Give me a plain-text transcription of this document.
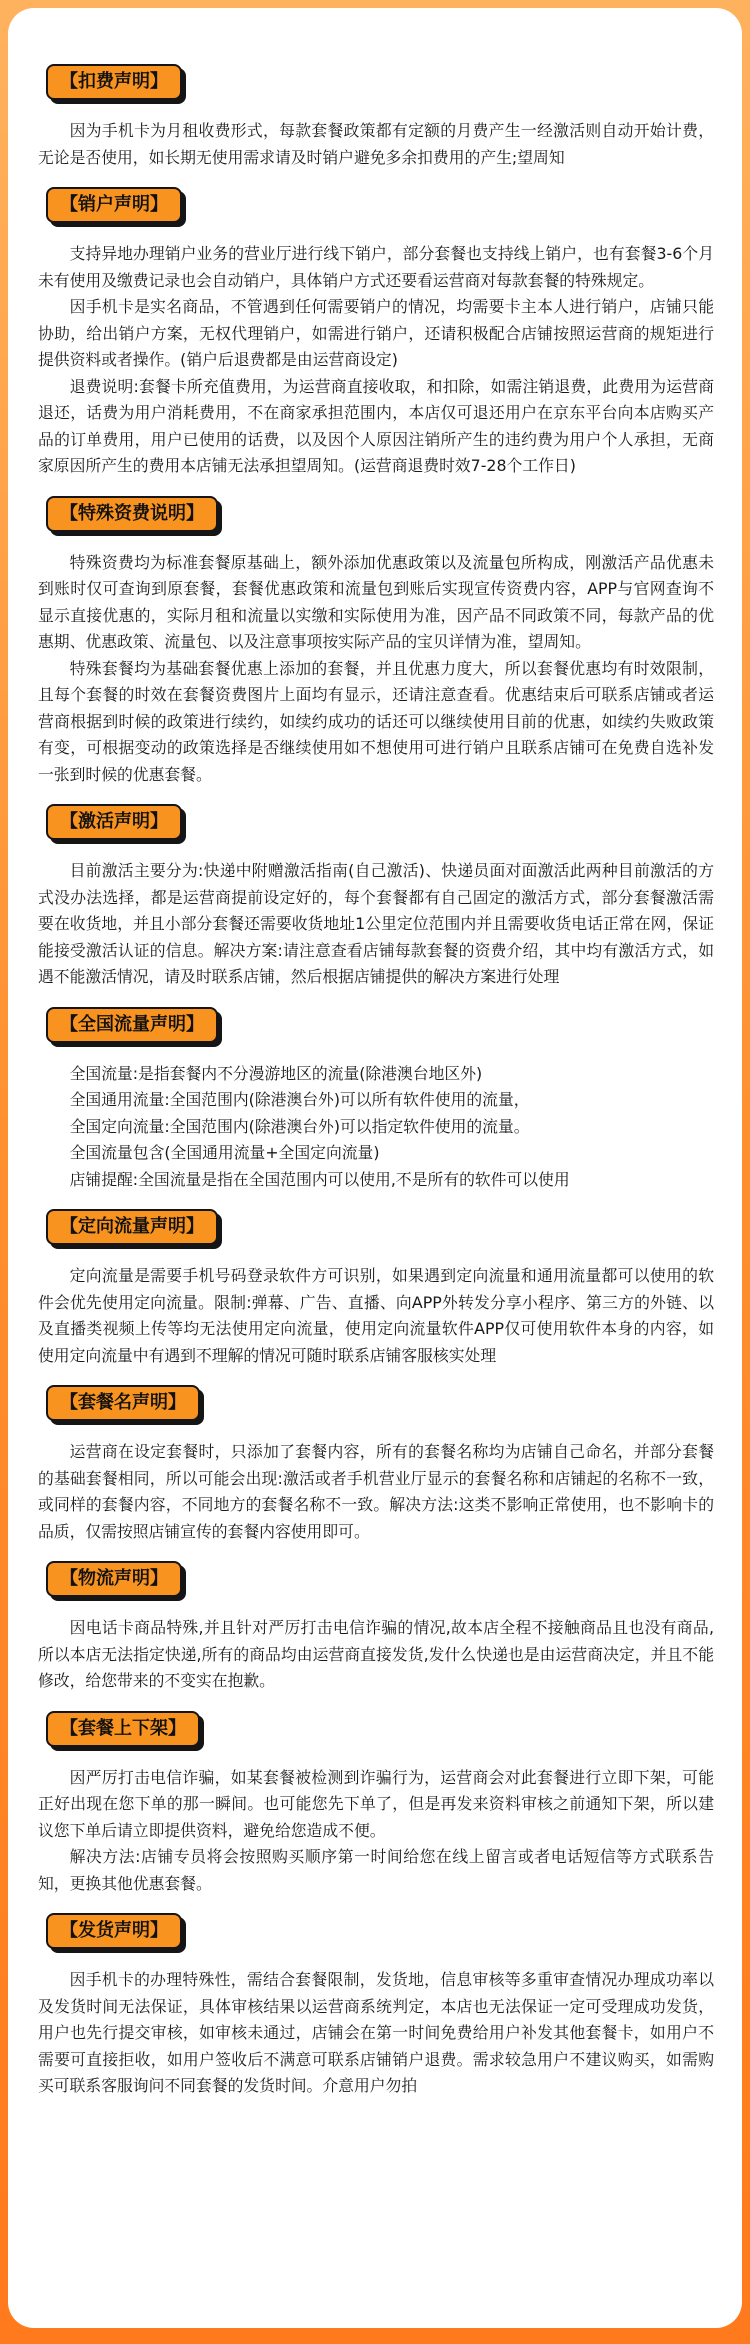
【扣费声明】

因为手机卡为月租收费形式，每款套餐政策都有定额的月费产生一经激活则自动开始计费，无论是否使用，如长期无使用需求请及时销户避免多余扣费用的产生;望周知

【销户声明】

支持异地办理销户业务的营业厅进行线下销户，部分套餐也支持线上销户，也有套餐3-6个月未有使用及缴费记录也会自动销户，具体销户方式还要看运营商对每款套餐的特殊规定。

因手机卡是实名商品，不管遇到任何需要销户的情况，均需要卡主本人进行销户，店铺只能协助，给出销户方案，无权代理销户，如需进行销户，还请积极配合店铺按照运营商的规矩进行提供资料或者操作。(销户后退费都是由运营商设定)

退费说明:套餐卡所充值费用，为运营商直接收取，和扣除，如需注销退费，此费用为运营商退还，话费为用户消耗费用，不在商家承担范围内，本店仅可退还用户在京东平台向本店购买产品的订单费用，用户已使用的话费，以及因个人原因注销所产生的违约费为用户个人承担，无商家原因所产生的费用本店铺无法承担望周知。(运营商退费时效7-28个工作日)

【特殊资费说明】

特殊资费均为标准套餐原基础上，额外添加优惠政策以及流量包所构成，刚激活产品优惠未到账时仅可查询到原套餐，套餐优惠政策和流量包到账后实现宣传资费内容，APP与官网查询不显示直接优惠的，实际月租和流量以实缴和实际使用为准，因产品不同政策不同，每款产品的优惠期、优惠政策、流量包、以及注意事项按实际产品的宝贝详情为准，望周知。

特殊套餐均为基础套餐优惠上添加的套餐，并且优惠力度大，所以套餐优惠均有时效限制，且每个套餐的时效在套餐资费图片上面均有显示，还请注意查看。优惠结束后可联系店铺或者运营商根据到时候的政策进行续约，如续约成功的话还可以继续使用目前的优惠，如续约失败政策有变，可根据变动的政策选择是否继续使用如不想使用可进行销户且联系店铺可在免费自选补发一张到时候的优惠套餐。

【激活声明】

目前激活主要分为:快递中附赠激活指南(自己激活)、快递员面对面激活此两种目前激活的方式没办法选择，都是运营商提前设定好的，每个套餐都有自己固定的激活方式，部分套餐激活需要在收货地，并且小部分套餐还需要收货地址1公里定位范围内并且需要收货电话正常在网，保证能接受激活认证的信息。解决方案:请注意查看店铺每款套餐的资费介绍，其中均有激活方式，如遇不能激活情况，请及时联系店铺，然后根据店铺提供的解决方案进行处理

【全国流量声明】

全国流量:是指套餐内不分漫游地区的流量(除港澳台地区外)

全国通用流量:全国范围内(除港澳台外)可以所有软件使用的流量，

全国定向流量:全国范围内(除港澳台外)可以指定软件使用的流量。

全国流量包含(全国通用流量+全国定向流量)

店铺提醒:全国流量是指在全国范围内可以使用,不是所有的软件可以使用

【定向流量声明】

定向流量是需要手机号码登录软件方可识别，如果遇到定向流量和通用流量都可以使用的软件会优先使用定向流量。限制:弹幕、广告、直播、向APP外转发分享小程序、第三方的外链、以及直播类视频上传等均无法使用定向流量，使用定向流量软件APP仅可使用软件本身的内容，如使用定向流量中有遇到不理解的情况可随时联系店铺客服核实处理

【套餐名声明】

运营商在设定套餐时，只添加了套餐内容，所有的套餐名称均为店铺自己命名，并部分套餐的基础套餐相同，所以可能会出现:激活或者手机营业厅显示的套餐名称和店铺起的名称不一致，或同样的套餐内容，不同地方的套餐名称不一致。解决方法:这类不影响正常使用，也不影响卡的品质，仅需按照店铺宣传的套餐内容使用即可。

【物流声明】

因电话卡商品特殊,并且针对严厉打击电信诈骗的情况,故本店全程不接触商品且也没有商品,所以本店无法指定快递,所有的商品均由运营商直接发货,发什么快递也是由运营商决定，并且不能修改，给您带来的不变实在抱歉。

【套餐上下架】

因严厉打击电信诈骗，如某套餐被检测到诈骗行为，运营商会对此套餐进行立即下架，可能正好出现在您下单的那一瞬间。也可能您先下单了，但是再发来资料审核之前通知下架，所以建议您下单后请立即提供资料，避免给您造成不便。

解决方法:店铺专员将会按照购买顺序第一时间给您在线上留言或者电话短信等方式联系告知，更换其他优惠套餐。

【发货声明】

因手机卡的办理特殊性，需结合套餐限制，发货地，信息审核等多重审查情况办理成功率以及发货时间无法保证，具体审核结果以运营商系统判定，本店也无法保证一定可受理成功发货，用户也先行提交审核，如审核未通过，店铺会在第一时间免费给用户补发其他套餐卡，如用户不需要可直接拒收，如用户签收后不满意可联系店铺销户退费。需求较急用户不建议购买，如需购买可联系客服询问不同套餐的发货时间。介意用户勿拍
